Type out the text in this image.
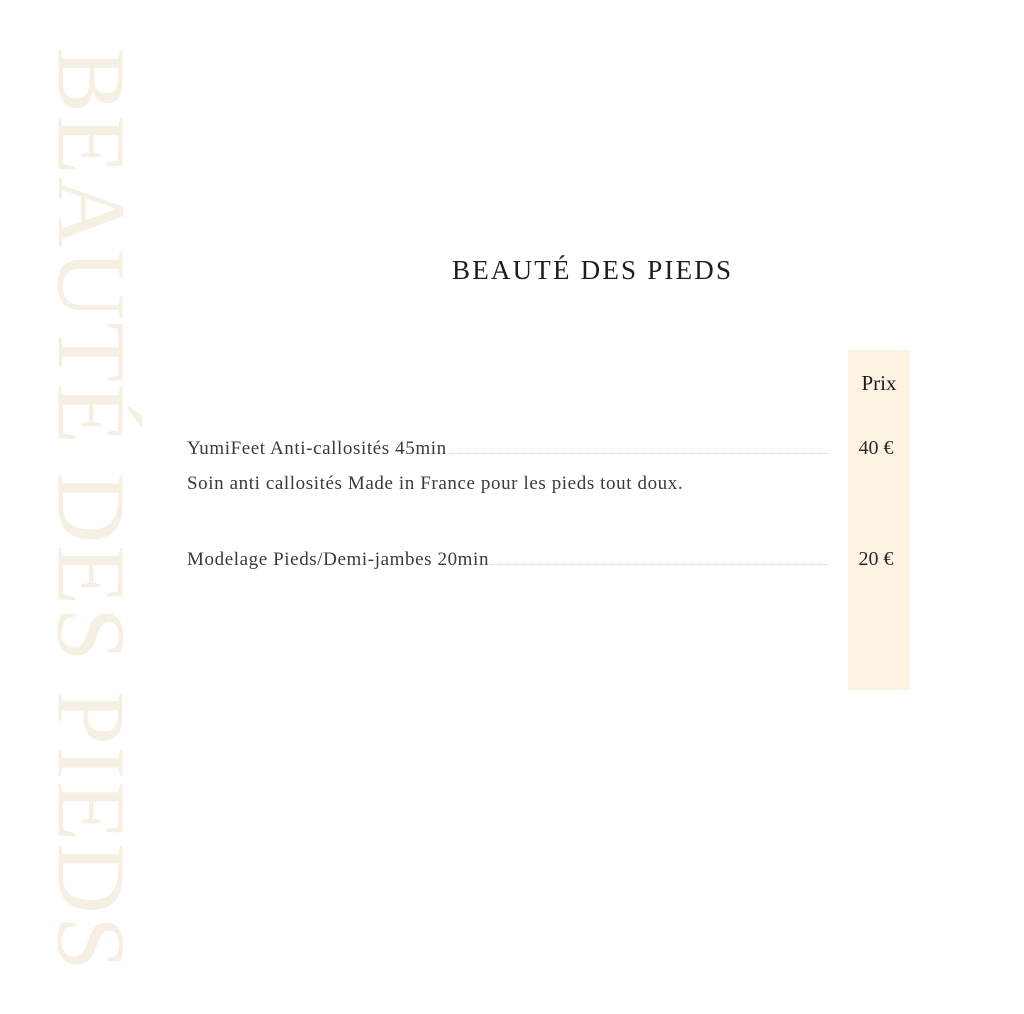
BEAUTÉ DES PIEDS	BEAUTÉ DES PIEDS
Prix
YumiFeet Anti-callosités 45min	40 €
Soin anti callosités Made in France pour les pieds tout doux.
Modelage Pieds/Demi-jambes 20min	20 €
